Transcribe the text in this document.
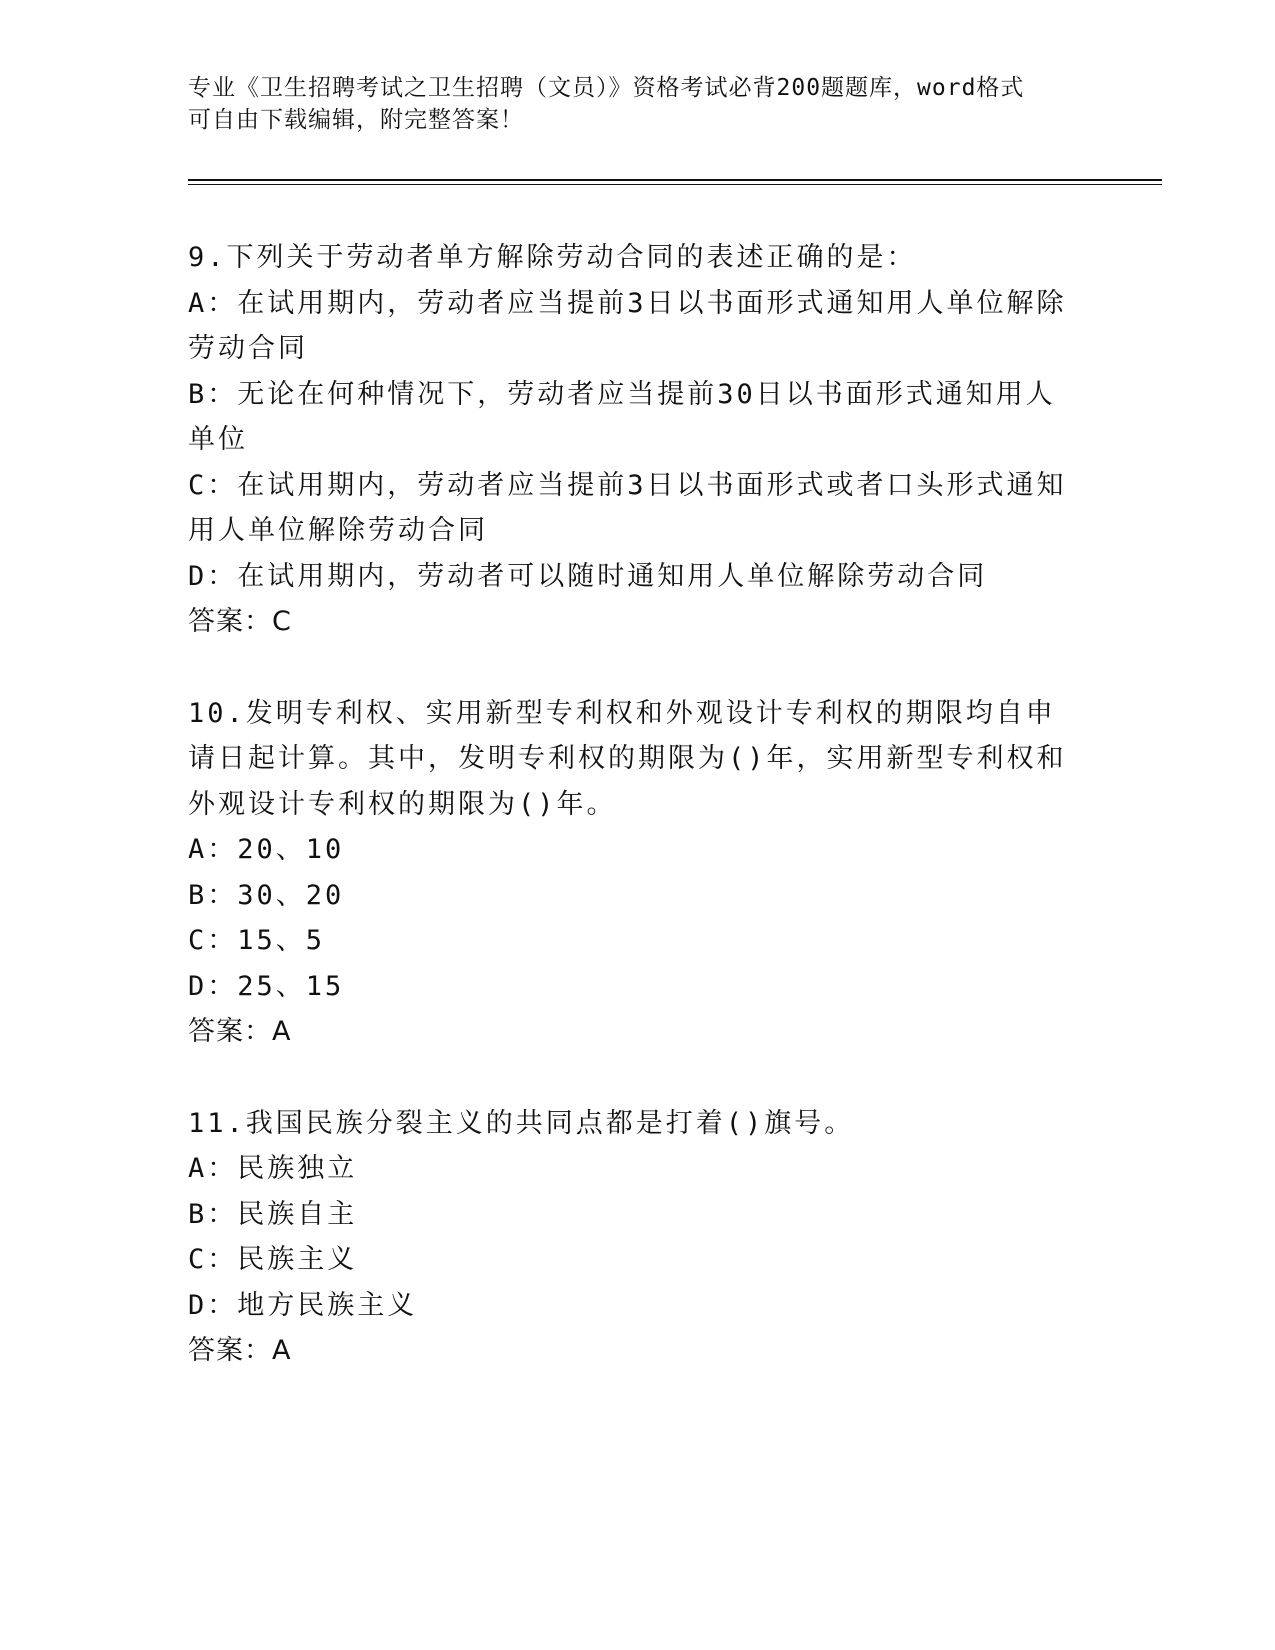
专业《卫生招聘考试之卫生招聘（文员）》资格考试必背200题题库，word格式
可自由下载编辑，附完整答案！

9.下列关于劳动者单方解除劳动合同的表述正确的是：

A：在试用期内，劳动者应当提前3日以书面形式通知用人单位解除劳动合同

B：无论在何种情况下，劳动者应当提前30日以书面形式通知用人单位

C：在试用期内，劳动者应当提前3日以书面形式或者口头形式通知用人单位解除劳动合同

D：在试用期内，劳动者可以随时通知用人单位解除劳动合同

答案：C

10.发明专利权、实用新型专利权和外观设计专利权的期限均自申请日起计算。其中，发明专利权的期限为()年，实用新型专利权和外观设计专利权的期限为()年。

A：20、10

B：30、20

C：15、5

D：25、15

答案：A

11.我国民族分裂主义的共同点都是打着()旗号。

A：民族独立

B：民族自主

C：民族主义

D：地方民族主义

答案：A
